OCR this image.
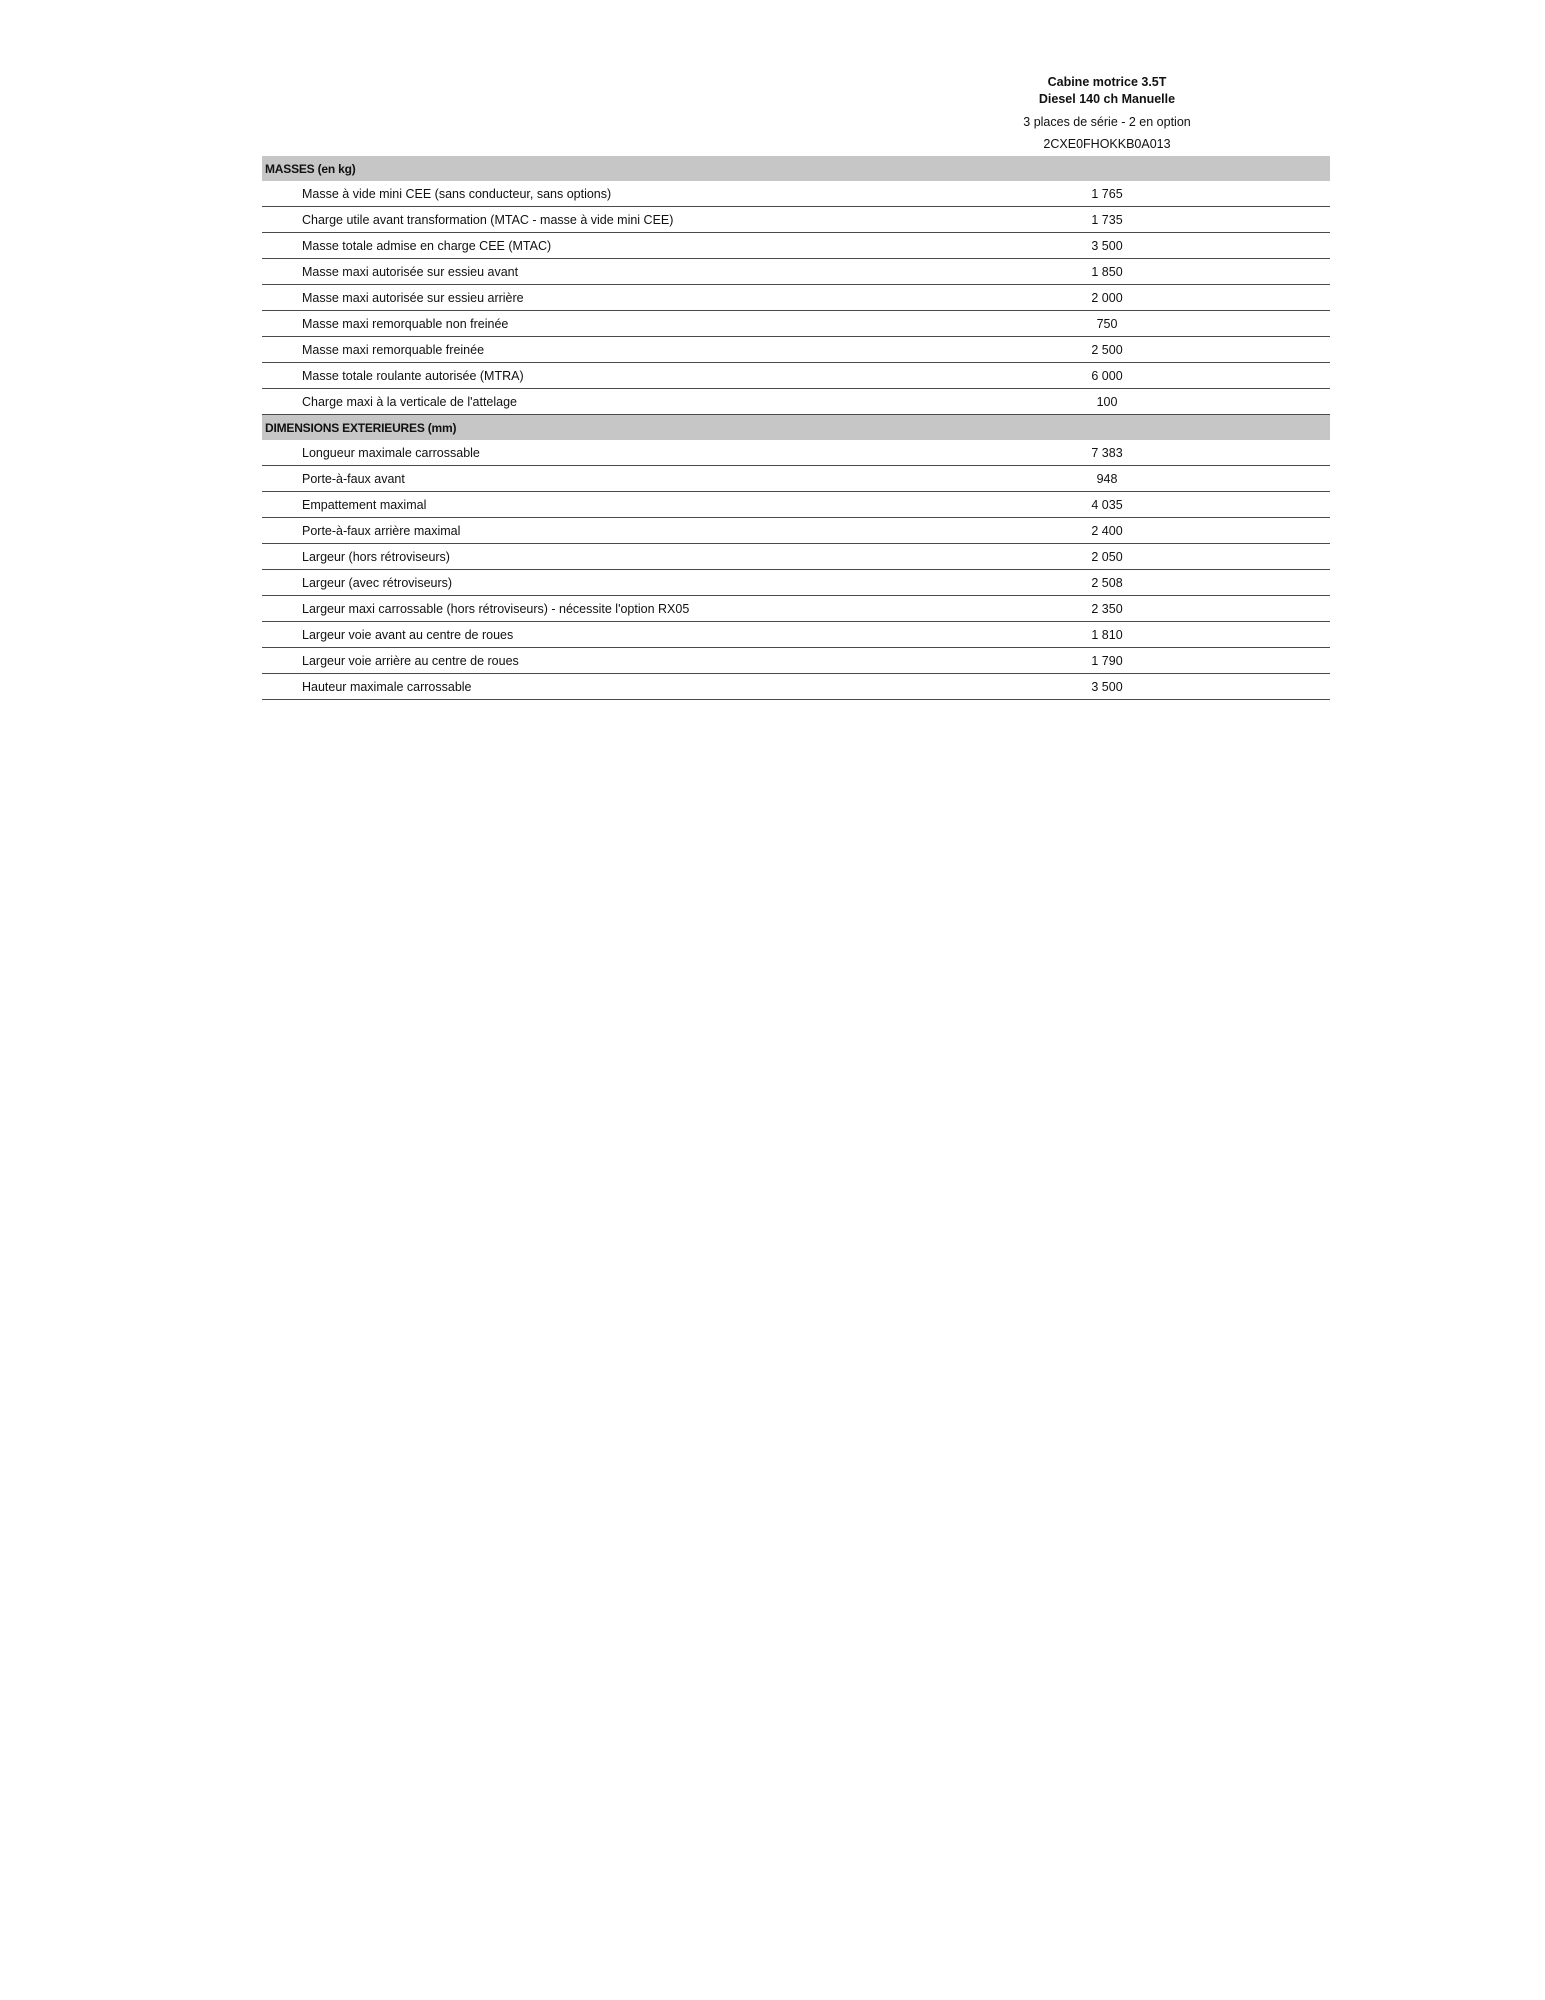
Cabine motrice 3.5T
Diesel 140 ch Manuelle
3 places de série - 2 en option
2CXE0FHOKKB0A013
MASSES (en kg)		
Masse à vide mini CEE (sans conducteur, sans options)	1 765	
Charge utile avant transformation (MTAC - masse à vide mini CEE)	1 735	
Masse totale admise en charge CEE (MTAC)	3 500	
Masse maxi autorisée sur essieu avant	1 850	
Masse maxi autorisée sur essieu arrière	2 000	
Masse maxi remorquable non freinée	750	
Masse maxi remorquable freinée	2 500	
Masse totale roulante autorisée (MTRA)	6 000	
Charge maxi à la verticale de l'attelage	100	
DIMENSIONS EXTERIEURES (mm)		
Longueur maximale carrossable	7 383	
Porte-à-faux avant	948	
Empattement maximal	4 035	
Porte-à-faux arrière maximal	2 400	
Largeur (hors rétroviseurs)	2 050	
Largeur (avec rétroviseurs)	2 508	
Largeur maxi carrossable (hors rétroviseurs) - nécessite l'option RX05	2 350	
Largeur voie avant au centre de roues	1 810	
Largeur voie arrière au centre de roues	1 790	
Hauteur maximale carrossable	3 500	
